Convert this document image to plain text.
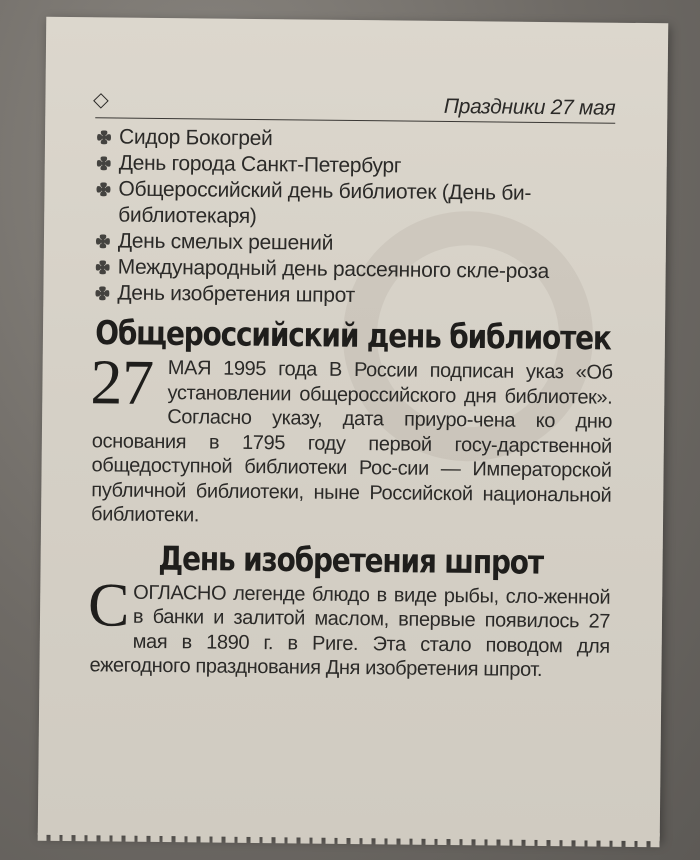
Праздники 27 мая
Сидор Бокогрей
День города Санкт-Петербург
Общероссийский день библиотек (День би-библиотекаря)
День смелых решений
Международный день рассеянного скле-роза
День изобретения шпрот
Общероссийский день библиотек

27 МАЯ 1995 года В России подписан указ «Об установлении общероссийского дня библиотек». Согласно указу, дата приуро-чена ко дню основания в 1795 году первой госу-дарственной общедоступной библиотеки Рос-сии — Императорской публичной библиотеки, ныне Российской национальной библиотеки.

День изобретения шпрот

С ОГЛАСНО легенде блюдо в виде рыбы, сло-женной в банки и залитой маслом, впервые появилось 27 мая в 1890 г. в Риге. Эта стало поводом для ежегодного празднования Дня изобретения шпрот.
